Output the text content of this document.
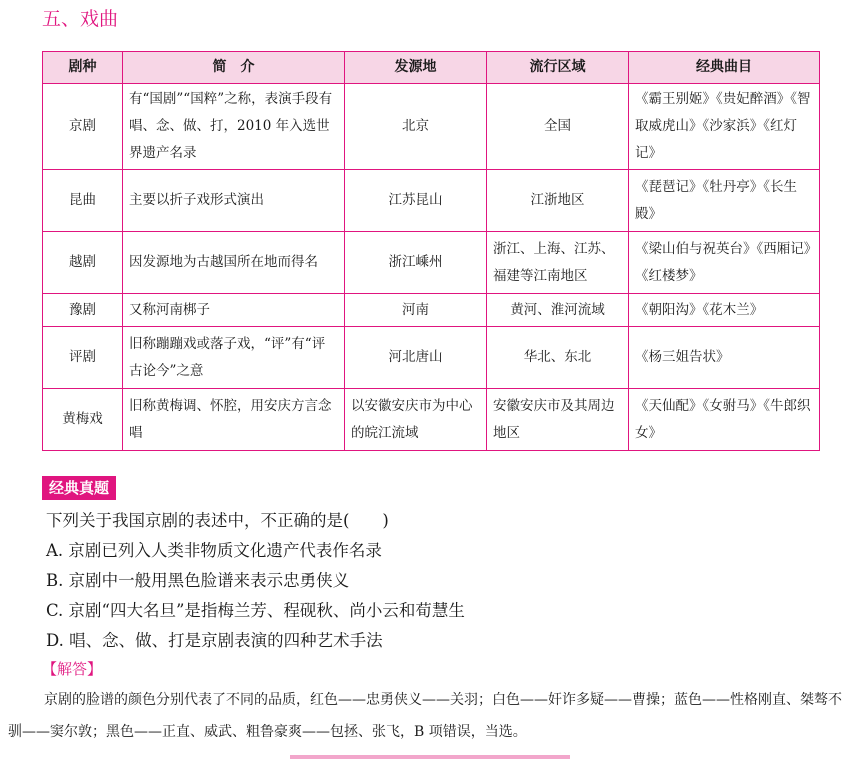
五、戏曲
剧种	简　介	发源地	流行区域	经典曲目
京剧	有“国剧”“国粹”之称，表演手段有唱、念、做、打，2010 年入选世界遗产名录	北京	全国	《霸王别姬》《贵妃醉酒》《智取威虎山》《沙家浜》《红灯记》
昆曲	主要以折子戏形式演出	江苏昆山	江浙地区	《琵琶记》《牡丹亭》《长生殿》
越剧	因发源地为古越国所在地而得名	浙江嵊州	浙江、上海、江苏、福建等江南地区	《梁山伯与祝英台》《西厢记》《红楼梦》
豫剧	又称河南梆子	河南	黄河、淮河流域	《朝阳沟》《花木兰》
评剧	旧称蹦蹦戏或落子戏，“评”有“评古论今”之意	河北唐山	华北、东北	《杨三姐告状》
黄梅戏	旧称黄梅调、怀腔，用安庆方言念唱	以安徽安庆市为中心的皖江流域	安徽安庆市及其周边地区	《天仙配》《女驸马》《牛郎织女》
经典真题
下列关于我国京剧的表述中，不正确的是(　　)
A. 京剧已列入人类非物质文化遗产代表作名录
B. 京剧中一般用黑色脸谱来表示忠勇侠义
C. 京剧“四大名旦”是指梅兰芳、程砚秋、尚小云和荀慧生
D. 唱、念、做、打是京剧表演的四种艺术手法
【解答】
京剧的脸谱的颜色分别代表了不同的品质，红色——忠勇侠义——关羽；白色——奸诈多疑——曹操；蓝色——性格刚直、桀骜不驯——窦尔敦；黑色——正直、威武、粗鲁豪爽——包拯、张飞，B 项错误，当选。
